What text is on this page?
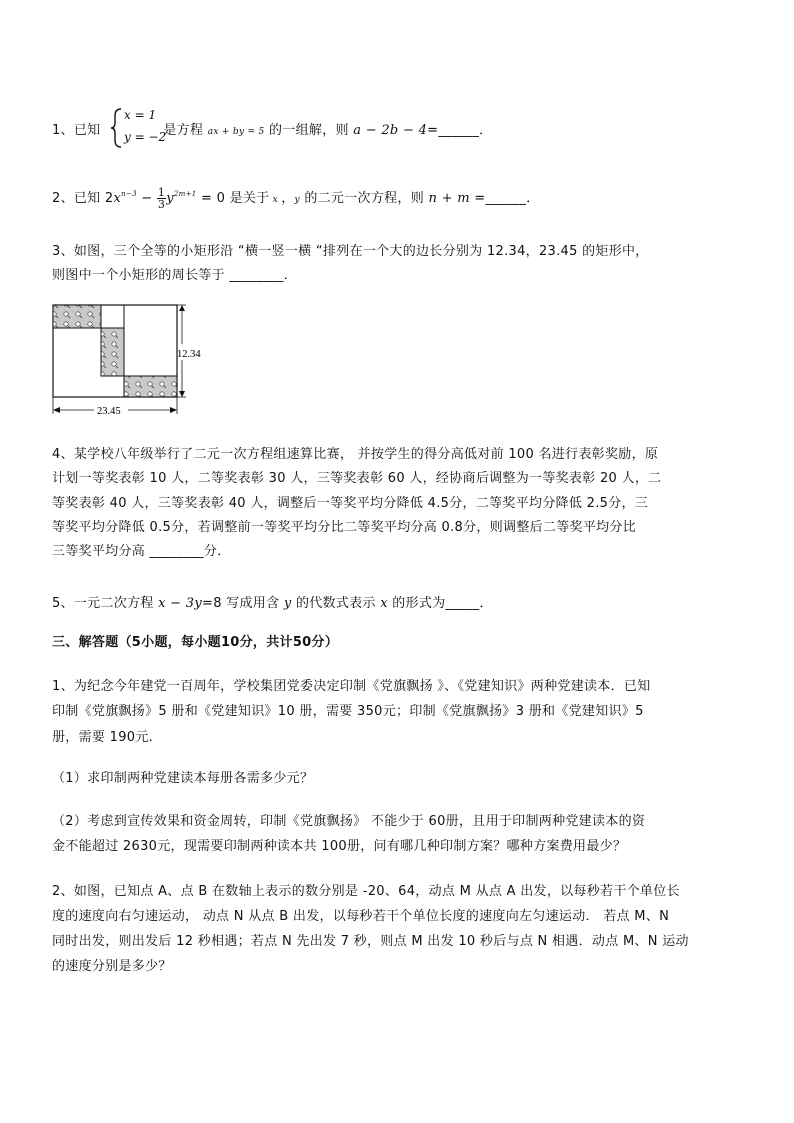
1、已知	是方程 ax + by = 5 的一组解，则 a − 2b − 4=______．
x = 1
y = −2
2、已知 $2x^{n-3} - \frac{1}{3} y^{2m+1} = 0$ 是关于 x ，y 的二元一次方程，则 n + m =______．
3、如图，三个全等的小矩形沿 “横一竖一横 “排列在一个大的边长分别为 12.34，23.45 的矩形中，
则图中一个小矩形的周长等于 ________．
12.34
23.45
4、某学校八年级举行了二元一次方程组速算比赛， 并按学生的得分高低对前 100 名进行表彰奖励，原
计划一等奖表彰 10 人，二等奖表彰 30 人，三等奖表彰 60 人，经协商后调整为一等奖表彰 20 人，二
等奖表彰 40 人，三等奖表彰 40 人，调整后一等奖平均分降低 4.5分，二等奖平均分降低 2.5分，三
等奖平均分降低 0.5分，若调整前一等奖平均分比二等奖平均分高 0.8分，则调整后二等奖平均分比
三等奖平均分高 ________分．
5、一元二次方程 x − 3y=8 写成用含 y 的代数式表示 x 的形式为_____．
三、解答题（5小题，每小题10分，共计50分）
1、为纪念今年建党一百周年，学校集团党委决定印制《党旗飘扬 》、《党建知识》两种党建读本．已知
印制《党旗飘扬》5 册和《党建知识》10 册，需要 350元；印制《党旗飘扬》3 册和《党建知识》5
册，需要 190元．
（1）求印制两种党建读本每册各需多少元？
（2）考虑到宣传效果和资金周转，印制《党旗飘扬》 不能少于 60册，且用于印制两种党建读本的资
金不能超过 2630元，现需要印制两种读本共 100册，问有哪几种印制方案？哪种方案费用最少？
2、如图，已知点 A、点 B 在数轴上表示的数分别是 -20、64，动点 M 从点 A 出发，以每秒若干个单位长
度的速度向右匀速运动， 动点 N 从点 B 出发，以每秒若干个单位长度的速度向左匀速运动． 若点 M、N
同时出发，则出发后 12 秒相遇；若点 N 先出发 7 秒，则点 M 出发 10 秒后与点 N 相遇．动点 M、N 运动
的速度分别是多少？
